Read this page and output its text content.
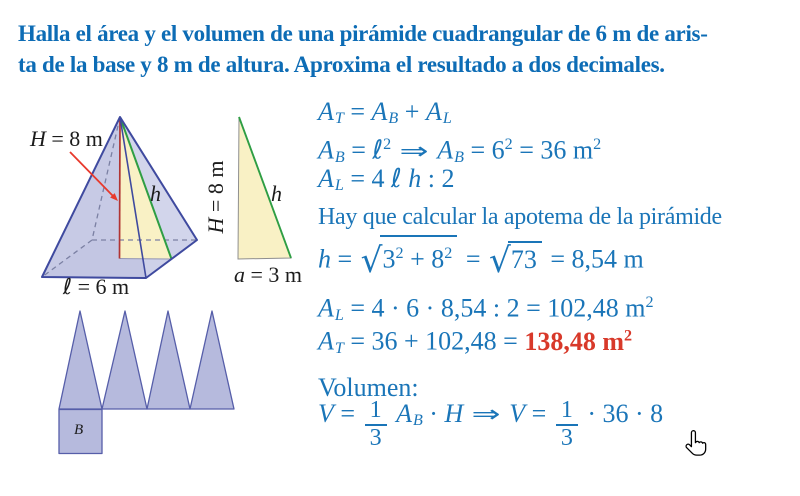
Halla el área y el volumen de una pirámide cuadrangular de 6 m de aris-
ta de la base y 8 m de altura. Aproxima el resultado a dos decimales.
H = 8 m
h
ℓ = 6 m
H = 8 m h
a = 3 m
B
AT = AB + AL
AB = ℓ$^2$ ⇒ AB = $6^2 = 36$ $m^2$
AL = 4 ℓ h : 2
Hay que calcular la apotema de la pirámide
$h = √3^2 + 8^2 = √73 = 8,54$ m
AL = 4 · 6 · 8,54 : 2 = 102,48 $m^2$
AT = 36 + 102,48 = 138,48 $m^2$
Volumen:
$V = \frac{1}{3}$ AB · H ⇒ $V = \frac{1}{3} \cdot 36 \cdot 8$
